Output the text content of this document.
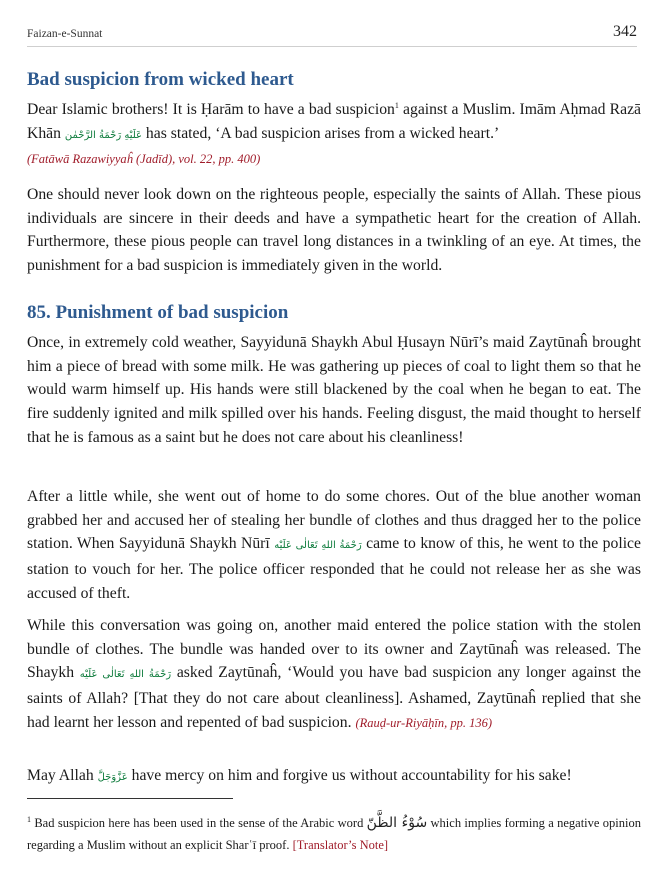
Faizan-e-Sunnat	342
Bad suspicion from wicked heart

Dear Islamic brothers! It is Ḥarām to have a bad suspicion$^1$ against a Muslim. Imām Aḥmad Razā Khān عَلَيْهِ رَحْمَةُ الرَّحْمٰن has stated, ‘A bad suspicion arises from a wicked heart.’
(Fatāwā Razawiyyaĥ (Jadīd), vol. 22, pp. 400)

One should never look down on the righteous people, especially the saints of Allah. These pious individuals are sincere in their deeds and have a sympathetic heart for the creation of Allah. Furthermore, these pious people can travel long distances in a twinkling of an eye. At times, the punishment for a bad suspicion is immediately given in the world.

85. Punishment of bad suspicion

Once, in extremely cold weather, Sayyidunā Shaykh Abul Ḥusayn Nūrī’s maid Zaytūnaĥ brought him a piece of bread with some milk. He was gathering up pieces of coal to light them so that he would warm himself up. His hands were still blackened by the coal when he began to eat. The fire suddenly ignited and milk spilled over his hands. Feeling disgust, the maid thought to herself that he is famous as a saint but he does not care about his cleanliness!

After a little while, she went out of home to do some chores. Out of the blue another woman grabbed her and accused her of stealing her bundle of clothes and thus dragged her to the police station. When Sayyidunā Shaykh Nūrī رَحْمَةُ اللهِ تَعَالٰی عَلَيْه came to know of this, he went to the police station to vouch for her. The police officer responded that he could not release her as she was accused of theft.

While this conversation was going on, another maid entered the police station with the stolen bundle of clothes. The bundle was handed over to its owner and Zaytūnaĥ was released. The Shaykh رَحْمَةُ اللهِ تَعَالٰی عَلَيْه asked Zaytūnaĥ, ‘Would you have bad suspicion any longer against the saints of Allah? [That they do not care about cleanliness]. Ashamed, Zaytūnaĥ replied that she had learnt her lesson and repented of bad suspicion. (Rauḍ-ur-Riyāḥīn, pp. 136)

May Allah عَزَّوَجَلَّ have mercy on him and forgive us without accountability for his sake!

$^1$ Bad suspicion here has been used in the sense of the Arabic word سُوْءُ الظَّنّ which implies forming a negative opinion regarding a Muslim without an explicit Sharʿī proof. [Translator’s Note]
